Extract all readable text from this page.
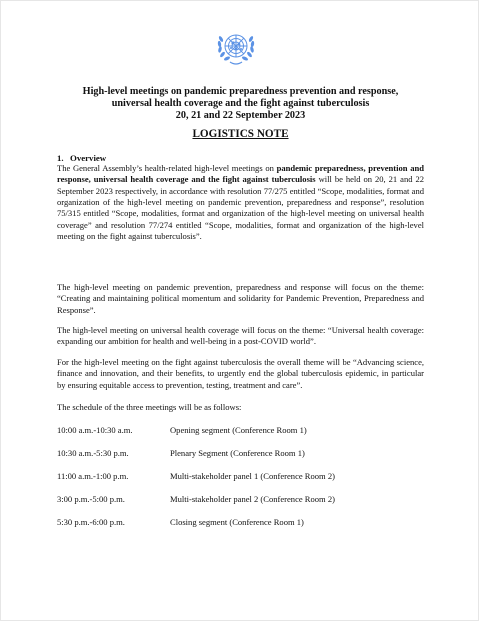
High-level meetings on pandemic preparedness prevention and response,

universal health coverage and the fight against tuberculosis

20, 21 and 22 September 2023

LOGISTICS NOTE

1. Overview

The General Assembly’s health-related high-level meetings on pandemic preparedness, prevention and response, universal health coverage and the fight against tuberculosis will be held on 20, 21 and 22 September 2023 respectively, in accordance with resolution 77/275 entitled “Scope, modalities, format and organization of the high-level meeting on pandemic prevention, preparedness and response”, resolution 75/315 entitled “Scope, modalities, format and organization of the high-level meeting on universal health coverage” and resolution 77/274 entitled “Scope, modalities, format and organization of the high-level meeting on the fight against tuberculosis”.

The high-level meeting on pandemic prevention, preparedness and response will focus on the theme: “Creating and maintaining political momentum and solidarity for Pandemic Prevention, Preparedness and Response”.

The high-level meeting on universal health coverage will focus on the theme: “Universal health coverage: expanding our ambition for health and well-being in a post-COVID world”.

For the high-level meeting on the fight against tuberculosis the overall theme will be “Advancing science, finance and innovation, and their benefits, to urgently end the global tuberculosis epidemic, in particular by ensuring equitable access to prevention, testing, treatment and care”.

The schedule of the three meetings will be as follows:

10:00 a.m.-10:30 a.m.	Opening segment (Conference Room 1)
10:30 a.m.-5:30 p.m.	Plenary Segment (Conference Room 1)
11:00 a.m.-1:00 p.m.	Multi-stakeholder panel 1 (Conference Room 2)
3:00 p.m.-5:00 p.m.	Multi-stakeholder panel 2 (Conference Room 2)
5:30 p.m.-6:00 p.m.	Closing segment (Conference Room 1)
